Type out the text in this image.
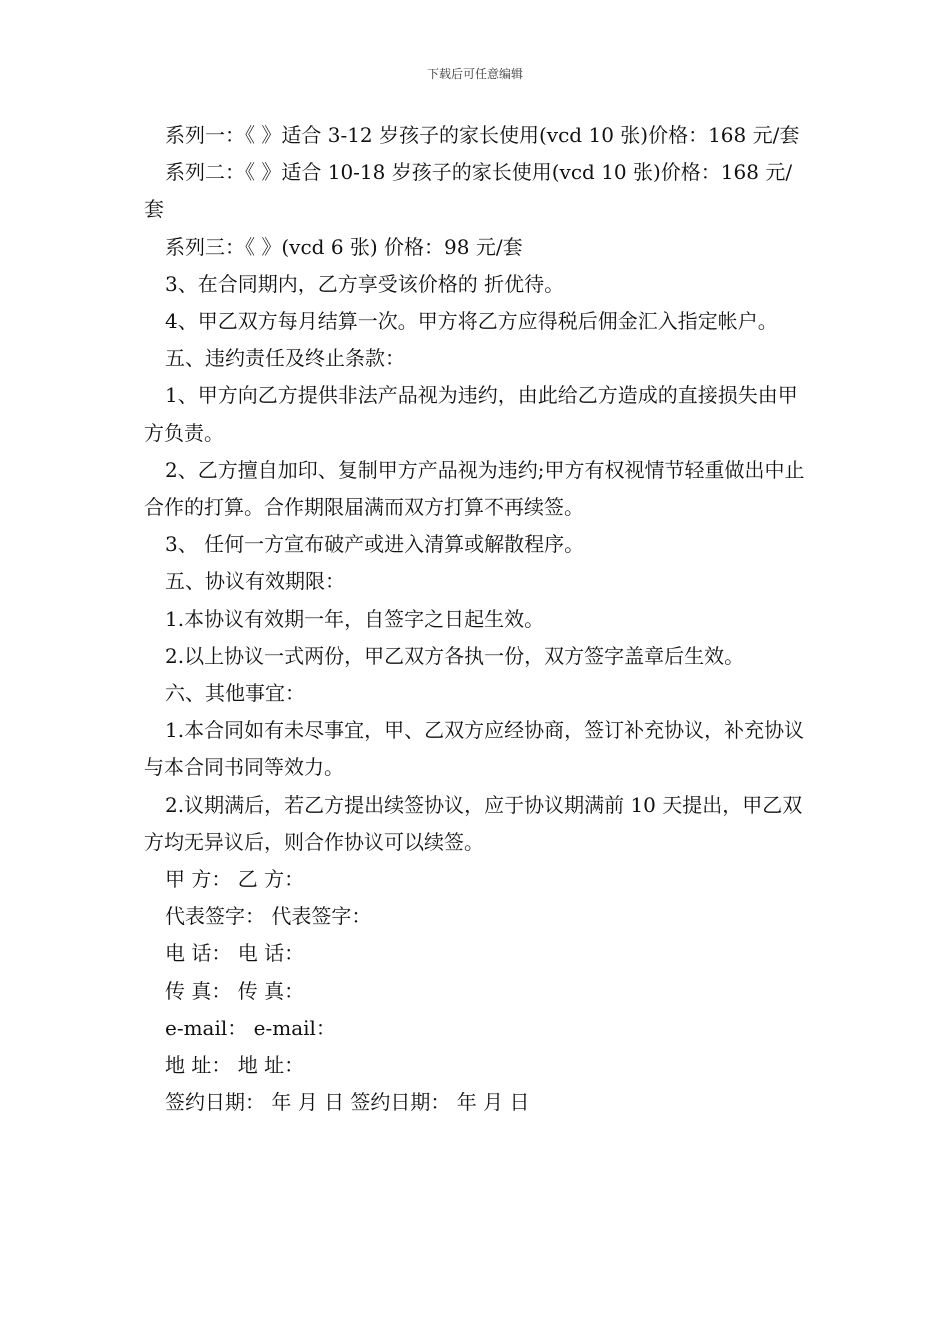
下载后可任意编辑

系列一：《 》适合 3-12 岁孩子的家长使用(vcd 10 张)价格：168 元/套

系列二：《 》适合 10-18 岁孩子的家长使用(vcd 10 张)价格：168 元/套

系列三：《 》(vcd 6 张) 价格：98 元/套

3、在合同期内，乙方享受该价格的 折优待。

4、甲乙双方每月结算一次。甲方将乙方应得税后佣金汇入指定帐户。

五、违约责任及终止条款：

1、甲方向乙方提供非法产品视为违约，由此给乙方造成的直接损失由甲方负责。

2、乙方擅自加印、复制甲方产品视为违约;甲方有权视情节轻重做出中止合作的打算。合作期限届满而双方打算不再续签。

3、 任何一方宣布破产或进入清算或解散程序。

五、协议有效期限：

1.本协议有效期一年，自签字之日起生效。

2.以上协议一式两份，甲乙双方各执一份，双方签字盖章后生效。

六、其他事宜：

1.本合同如有未尽事宜，甲、乙双方应经协商，签订补充协议，补充协议与本合同书同等效力。

2.议期满后，若乙方提出续签协议，应于协议期满前 10 天提出，甲乙双方均无异议后，则合作协议可以续签。

甲 方： 乙 方：

代表签字： 代表签字：

电 话： 电 话：

传 真： 传 真：

e-mail： e-mail：

地 址： 地 址：

签约日期： 年 月 日 签约日期： 年 月 日
